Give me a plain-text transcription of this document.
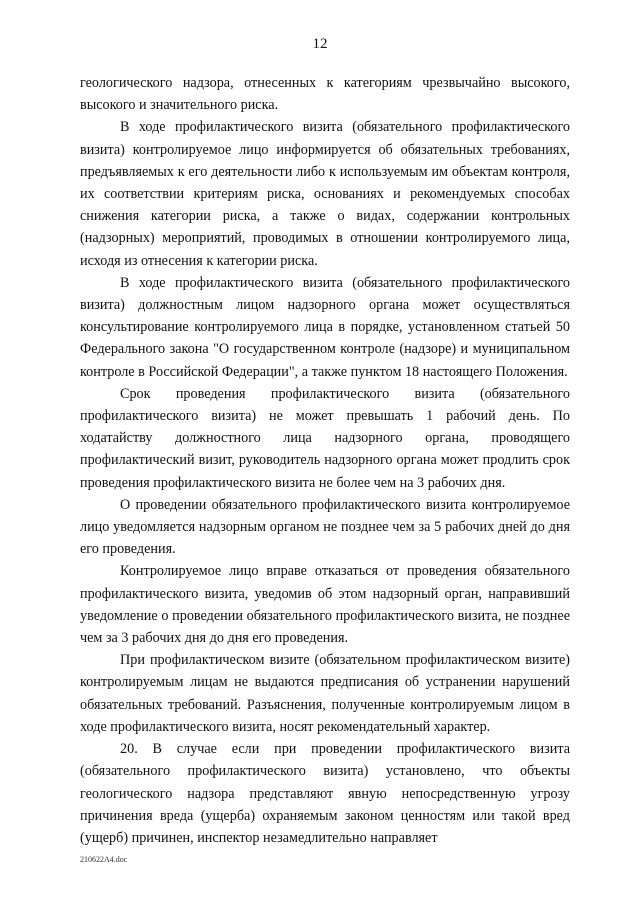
12

геологического надзора, отнесенных к категориям чрезвычайно высокого, высокого и значительного риска.

В ходе профилактического визита (обязательного профилактического визита) контролируемое лицо информируется об обязательных требованиях, предъявляемых к его деятельности либо к используемым им объектам контроля, их соответствии критериям риска, основаниях и рекомендуемых способах снижения категории риска, а также о видах, содержании контрольных (надзорных) мероприятий, проводимых в отношении контролируемого лица, исходя из отнесения к категории риска.

В ходе профилактического визита (обязательного профилактического визита) должностным лицом надзорного органа может осуществляться консультирование контролируемого лица в порядке, установленном статьей 50 Федерального закона "О государственном контроле (надзоре) и муниципальном контроле в Российской Федерации", а также пунктом 18 настоящего Положения.

Срок проведения профилактического визита (обязательного профилактического визита) не может превышать 1 рабочий день. По ходатайству должностного лица надзорного органа, проводящего профилактический визит, руководитель надзорного органа может продлить срок проведения профилактического визита не более чем на 3 рабочих дня.

О проведении обязательного профилактического визита контролируемое лицо уведомляется надзорным органом не позднее чем за 5 рабочих дней до дня его проведения.

Контролируемое лицо вправе отказаться от проведения обязательного профилактического визита, уведомив об этом надзорный орган, направивший уведомление о проведении обязательного профилактического визита, не позднее чем за 3 рабочих дня до дня его проведения.

При профилактическом визите (обязательном профилактическом визите) контролируемым лицам не выдаются предписания об устранении нарушений обязательных требований. Разъяснения, полученные контролируемым лицом в ходе профилактического визита, носят рекомендательный характер.

20. В случае если при проведении профилактического визита (обязательного профилактического визита) установлено, что объекты геологического надзора представляют явную непосредственную угрозу причинения вреда (ущерба) охраняемым законом ценностям или такой вред (ущерб) причинен, инспектор незамедлительно направляет

210622A4.doc
